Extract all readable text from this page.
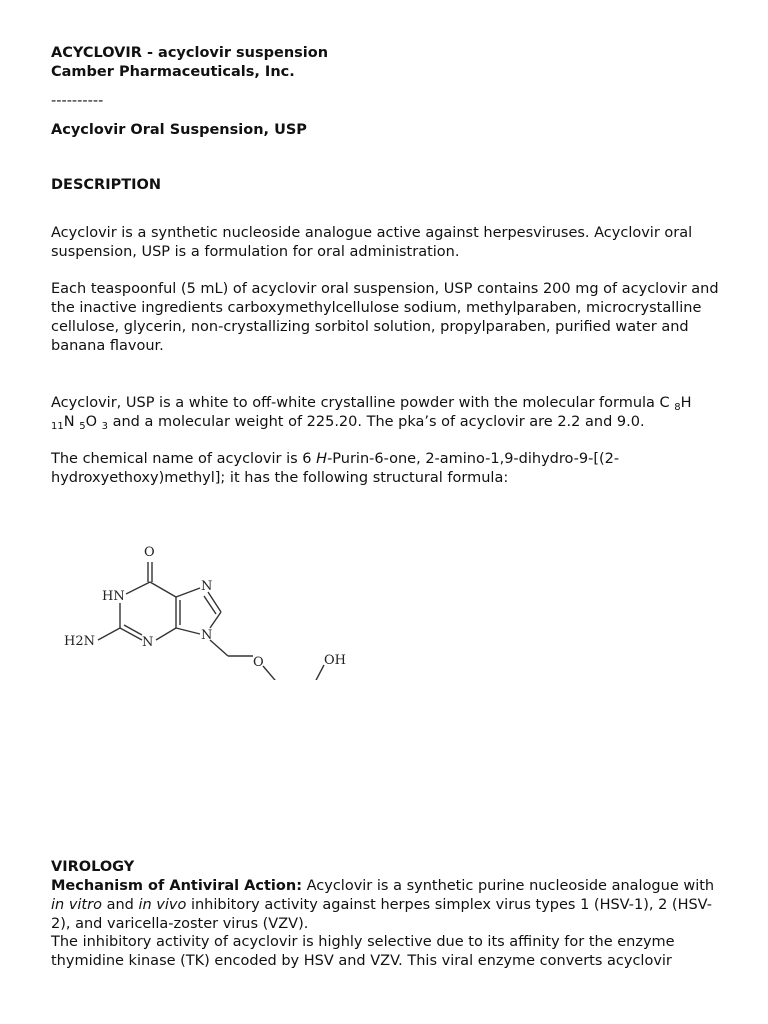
ACYCLOVIR - acyclovir suspension
Camber Pharmaceuticals, Inc.
----------
Acyclovir Oral Suspension, USP
DESCRIPTION

Acyclovir is a synthetic nucleoside analogue active against herpesviruses. Acyclovir oral suspension, USP is a formulation for oral administration.

Each teaspoonful (5 mL) of acyclovir oral suspension, USP contains 200 mg of acyclovir and the inactive ingredients carboxymethylcellulose sodium, methylparaben, microcrystalline cellulose, glycerin, non-crystallizing sorbitol solution, propylparaben, purified water and banana flavour.

Acyclovir, USP is a white to off-white crystalline powder with the molecular formula C $_8$H
$_{11}$N $_5$O $_3$ and a molecular weight of 225.20. The pka’s of acyclovir are 2.2 and 9.0.

The chemical name of acyclovir is 6 H-Purin-6-one, 2-amino-1,9-dihydro-9-[(2-hydroxyethoxy)methyl]; it has the following structural formula:

VIROLOGY

Mechanism of Antiviral Action: Acyclovir is a synthetic purine nucleoside analogue with in vitro and in vivo inhibitory activity against herpes simplex virus types 1 (HSV-1), 2 (HSV-2), and varicella-zoster virus (VZV).

The inhibitory activity of acyclovir is highly selective due to its affinity for the enzyme thymidine kinase (TK) encoded by HSV and VZV. This viral enzyme converts acyclovir

O
HN
N
H2N	N	N
O	OH
